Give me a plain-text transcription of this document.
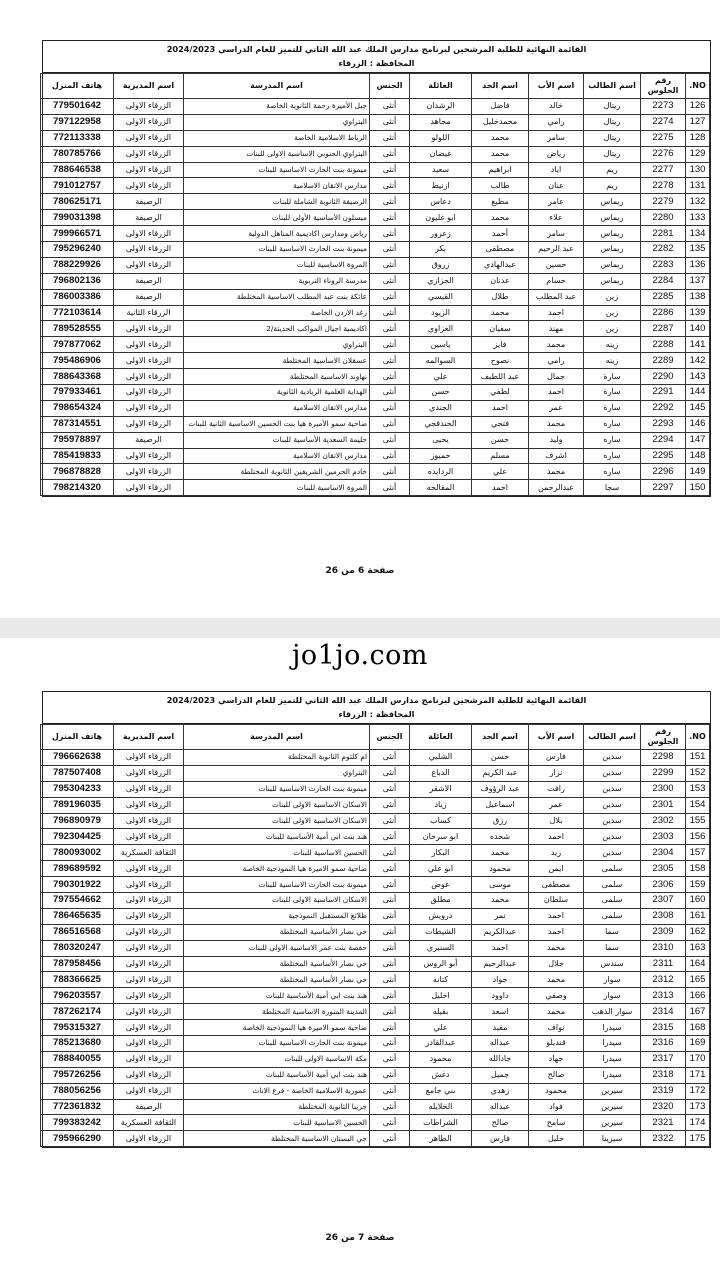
القائمة النهائية للطلبة المرشحين لبرنامج مدارس الملك عبد الله الثاني للتميز للعام الدراسي 2024/2023
المحافظة : الزرقاء
NO.	رقم الجلوس	اسم الطالب	اسم الأب	اسم الجد	العائلة	الجنس	اسم المدرسة	اسم المديرية	هاتف المنزل
126	2273	ريتال	خالد	فاضل	الرشدان	أنثى	جبل الأميرة رحمة الثانوية الخاصة	الزرقاء الاولى	779501642
127	2274	ريتال	رامي	محمدخليل	مجاهد	أنثى	البتراوي	الزرقاء الاولى	797122958
128	2275	ريتال	سامر	محمد	اللولو	أنثى	الرباط الاسلامية الخاصة	الزرقاء الاولى	772113338
129	2276	ريتال	رياض	محمد	غيضان	أنثى	البتراوي الجنوبي الاساسية الاولى للبنات	الزرقاء الاولى	780785766
130	2277	ريم	اياد	ابراهيم	سعيد	أنثى	ميمونة بنت الحارث الاساسية للبنات	الزرقاء الاولى	788646538
131	2278	ريم	عنان	طالب	ازنيط	أنثى	مدارس الاتقان الاسلامية	الزرقاء الاولى	791012757
132	2279	ريماس	عامر	مطيع	دعاس	أنثى	الرصيفة الثانوية الشاملة للبنات	الرصيفة	780625171
133	2280	ريماس	علاء	محمد	ابو غليون	أنثى	ميسلون الأساسية الأولى للبنات	الرصيفة	799031398
134	2281	ريماس	سامر	أحمد	زعرور	أنثى	رياض ومدارس اكاديمية المناهل الدولية	الزرقاء الاولى	799966571
135	2282	ريماس	عبد الرحيم	مصطفى	بكر	أنثى	ميمونة بنت الحارث الاساسية للبنات	الزرقاء الاولى	795296240
136	2283	ريماس	حسين	عبدالهادي	زروق	أنثى	المروة الاساسية للبنات	الزرقاء الاولى	788229926
137	2284	ريماس	حسام	عدنان	الجزازي	أنثى	مدرسة الروناء التربوية	الرصيفة	796802136
138	2285	زين	عبد المطلب	طلال	القيسي	أنثى	عائكة بنت عبد المطلب الاساسية المختلطة	الرصيفة	786003386
139	2286	زين	احمد	محمد	الزيود	أنثى	رغد الاردن الخاصة	الزرقاء الثانية	772103614
140	2287	زين	مهند	سفيان	الغزاوي	أنثى	اكاديمية اجيال المواكب الحديثة/2	الزرقاء الاولى	789528555
141	2288	زينه	محمد	فايز	ياسين	أنثى	البتراوي	الزرقاء الاولى	797877062
142	2289	زينه	رامي	نصوح	السوالمه	أنثى	عسقلان الاساسية المختلطة	الزرقاء الاولى	795486906
143	2290	سارة	جمال	عبد اللطيف	علي	أنثى	نهاوند الاساسية المختلطة	الزرقاء الاولى	788643368
144	2291	سارة	احمد	لطفي	حسن	أنثى	الهداية العلمية الريادية الثانوية	الزرقاء الاولى	797933461
145	2292	سارة	عمر	احمد	الجندي	أنثى	مدارس الاتقان الاسلامية	الزرقاء الاولى	798654324
146	2293	ساره	محمد	فتحي	الخندقجي	أنثى	ضاحية سمو الأميرة هيا بنت الحسين الاساسية الثانية للبنات	الزرقاء الاولى	787314551
147	2294	ساره	وليد	حسن	يحيى	أنثى	حليمة السعدية الأساسية للبنات	الرصيفة	795978897
148	2295	ساره	اشرف	مسلم	حميوز	أنثى	مدارس الاتقان الاسلامية	الزرقاء الاولى	785419833
149	2296	ساره	محمد	علي	الردايده	أنثى	خادم الحرمين الشريفين الثانوية المختلطة	الزرقاء الاولى	796878828
150	2297	سجا	عبدالرحمن	احمد	المقالحه	أنثى	المروة الاساسية للبنات	الزرقاء الاولى	798214320
صفحة 6 من 26
jo1jo.com
القائمة النهائية للطلبة المرشحين لبرنامج مدارس الملك عبد الله الثاني للتميز للعام الدراسي 2024/2023
المحافظة : الزرقاء
NO.	رقم الجلوس	اسم الطالب	اسم الأب	اسم الجد	العائلة	الجنس	اسم المدرسة	اسم المديرية	هاتف المنزل
151	2298	سدين	فارس	حسن	الشلبي	أنثى	ام كلثوم الثانوية المختلطة	الزرقاء الاولى	796662638
152	2299	سدين	نزار	عبد الكريم	الدباغ	أنثى	البتراوي	الزرقاء الاولى	787507408
153	2300	سدين	رافت	عبد الرؤوف	الاشقر	أنثى	ميمونة بنت الحارث الاساسية للبنات	الزرقاء الاولى	795304233
154	2301	سدين	عمر	اسماعيل	زياد	أنثى	الاسكان الاساسية الاولى للبنات	الزرقاء الاولى	789196035
155	2302	سدين	بلال	رزق	كساب	أنثى	الاسكان الاساسية الاولى للبنات	الزرقاء الاولى	796890979
156	2303	سدين	احمد	شحده	ابو سرحان	أنثى	هند بنت ابي أمية الأساسية للبنات	الزرقاء الاولى	792304425
157	2304	سدين	زيد	محمد	البكار	أنثى	الحسين الاساسية للبنات	الثقافة العسكرية	780093002
158	2305	سلمى	ايمن	محمود	ابو علي	أنثى	ضاحية سمو الاميرة هيا النموذجية الخاصة	الزرقاء الاولى	789689592
159	2306	سلمى	مصطفى	موسى	عوض	أنثى	ميمونة بنت الحارث الاساسية للبنات	الزرقاء الاولى	790301922
160	2307	سلمى	سلطان	محمد	مطلق	أنثى	الاسكان الاساسية الاولى للبنات	الزرقاء الاولى	797554662
161	2308	سلمى	احمد	نمر	درويش	أنثى	طلائع المستقبل النموذجية	الزرقاء الاولى	786465635
162	2309	سما	احمد	عبدالكريم	الشيطات	أنثى	حي نصار الأساسية المختلطة	الزرقاء الاولى	786516568
163	2310	سما	محمد	احمد	السنيري	أنثى	حفصة بنت عمر الاساسية الاولى للبنات	الزرقاء الاولى	780320247
164	2311	سندس	جلال	عبدالرحيم	أبو الروس	أنثى	حي نصار الأساسية المختلطة	الزرقاء الاولى	787958456
165	2312	سوار	محمد	جواد	كتانه	أنثى	حي نصار الأساسية المختلطة	الزرقاء الاولى	788366625
166	2313	سوار	وصفي	داوود	اخليل	أنثى	هند بنت ابي أمية الأساسية للبنات	الزرقاء الاولى	796203557
167	2314	سوار الذهب	محمد	اسعد	بقيله	أنثى	المدينة المنورة الاساسية المختلطة	الزرقاء الاولى	787262174
168	2315	سيدرا	نواف	مفيد	علي	أنثى	ضاحية سمو الاميرة هيا النموذجية الخاصة	الزرقاء الاولى	795315327
169	2316	سيدرا	قنديلو	عبداله	عبدالقادر	أنثى	ميمونة بنت الحارث الاساسية للبنات	الزرقاء الاولى	785213680
170	2317	سيدرا	جهاد	جادالله	محمود	أنثى	مكة الاساسية الاولى للبنات	الزرقاء الاولى	788840055
171	2318	سيدرا	صالح	جميل	دغش	أنثى	هند بنت ابي أمية الأساسية للبنات	الزرقاء الاولى	795726256
172	2319	سيرين	محمود	زهدي	بني جامع	أنثى	عمورية الاسلامية الخاصة - فرع الاناث	الزرقاء الاولى	788056256
173	2320	سيرين	فواد	عبداله	الخلايله	أنثى	جريبا الثانوية المختلطة	الرصيفة	772361832
174	2321	سيرين	سامح	صالح	الشراطات	أنثى	الحسين الاساسية للبنات	الثقافة العسكرية	799383242
175	2322	سيرينا	خليل	فارس	الطاهر	أنثى	حي البستان الاساسية المختلطة	الزرقاء الاولى	795966290
صفحة 7 من 26
